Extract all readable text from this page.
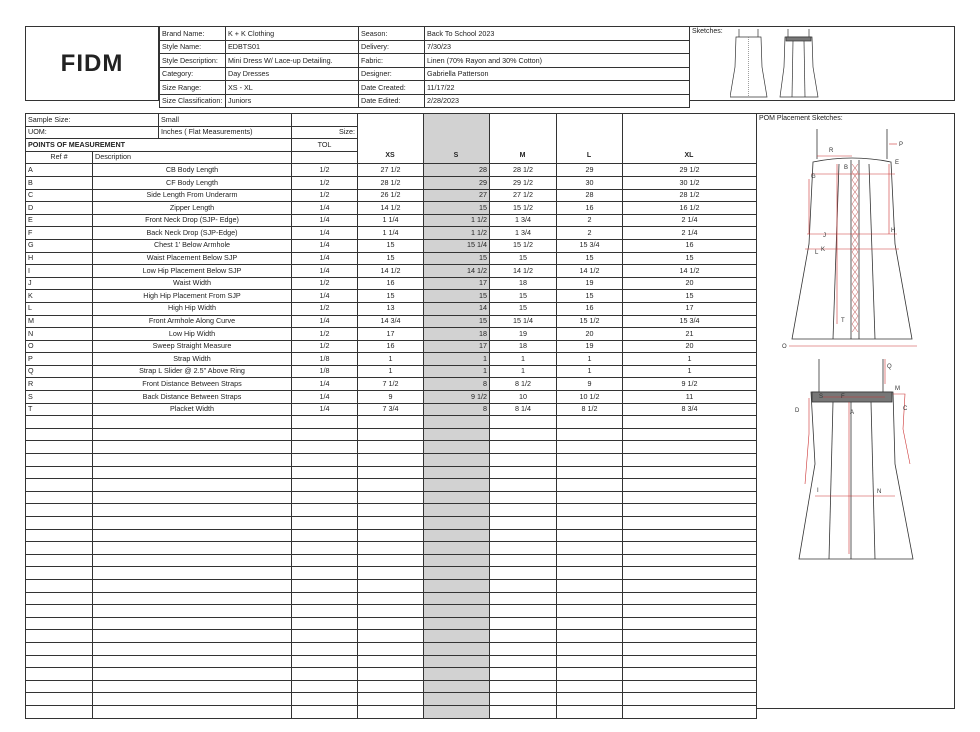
FIDM
Brand Name:	K + K Clothing
Style Name:	EDBTS01
Style Description:	Mini Dress W/ Lace-up Detailing.
Category:	Day Dresses
Size Range:	XS - XL
Size Classification:	Juniors
Season:	Back To School 2023
Delivery:	7/30/23
Fabric:	Linen (70% Rayon and 30% Cotton)
Designer:	Gabriella Patterson
Date Created:	11/17/22
Date Edited:	2/28/2023
Sketches:
Sample Size:		Small						
UOM:		Inches ( Flat Measurements)	Size:					
POINTS OF MEASUREMENT			TOL					
Ref #	Description							
A	CB Body Length		1/2	27 1/2	28	28 1/2	29	29 1/2
B	CF Body Length		1/2	28 1/2	29	29 1/2	30	30 1/2
C	Side Length From Underarm		1/2	26 1/2	27	27 1/2	28	28 1/2
D	Zipper Length		1/4	14 1/2	15	15 1/2	16	16 1/2
E	Front Neck Drop (SJP- Edge)		1/4	1 1/4	1 1/2	1 3/4	2	2 1/4
F	Back Neck Drop (SJP-Edge)		1/4	1 1/4	1 1/2	1 3/4	2	2 1/4
G	Chest 1' Below Armhole		1/4	15	15 1/4	15 1/2	15 3/4	16
H	Waist Placement Below SJP		1/4	15	15	15	15	15
I	Low Hip Placement Below SJP		1/4	14 1/2	14 1/2	14 1/2	14 1/2	14 1/2
J	Waist Width		1/2	16	17	18	19	20
K	High Hip Placement From SJP		1/4	15	15	15	15	15
L	High Hip Width		1/2	13	14	15	16	17
M	Front Armhole Along Curve		1/4	14 3/4	15	15 1/4	15 1/2	15 3/4
N	Low Hip Width		1/2	17	18	19	20	21
O	Sweep Straight Measure		1/2	16	17	18	19	20
P	Strap Width		1/8	1	1	1	1	1
Q	Strap L Slider @ 2.5" Above Ring		1/8	1	1	1	1	1
R	Front Distance Between Straps		1/4	7 1/2	8	8 1/2	9	9 1/2
S	Back Distance Between Straps		1/4	9	9 1/2	10	10 1/2	11
T	Placket Width		1/4	7 3/4	8	8 1/4	8 1/2	8 3/4

XS	S	M	L	XL
POM Placement Sketches:
P
R
B
E
G
J
H
K
L
T
O
Q
M
S	F
D	A
C
I	N
